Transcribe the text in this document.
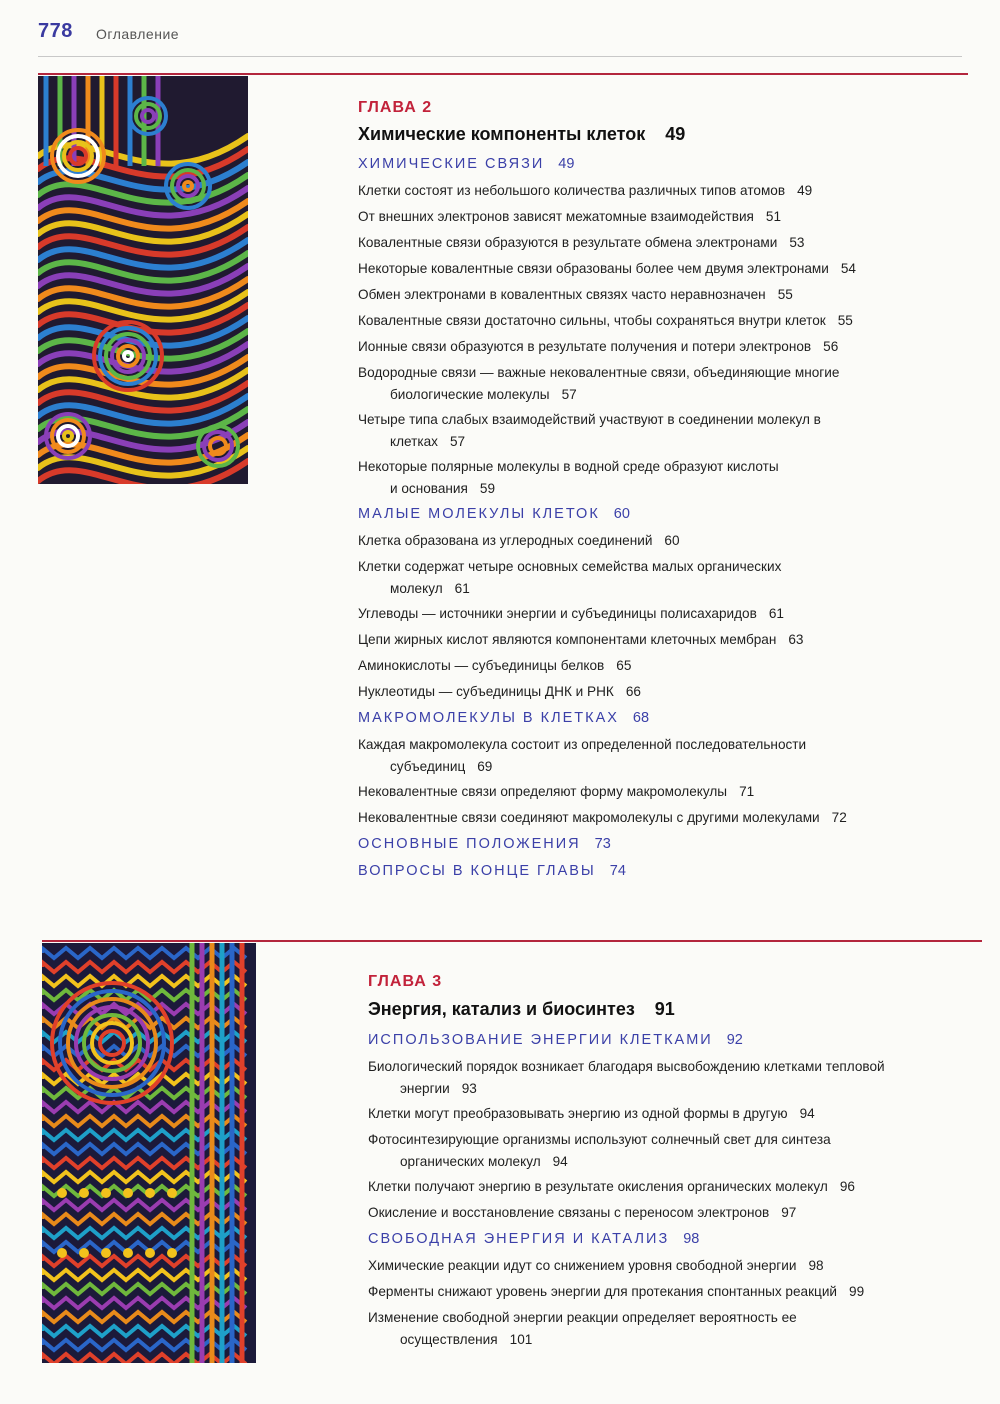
778 Оглавление
ГЛАВА 2
Химические компоненты клеток 49
ХИМИЧЕСКИЕ СВЯЗИ 49
Клетки состоят из небольшого количества различных типов атомов 49
От внешних электронов зависят межатомные взаимодействия 51
Ковалентные связи образуются в результате обмена электронами 53
Некоторые ковалентные связи образованы более чем двумя электронами 54
Обмен электронами в ковалентных связях часто неравнозначен 55
Ковалентные связи достаточно сильны, чтобы сохраняться внутри клеток 55
Ионные связи образуются в результате получения и потери электронов 56
Водородные связи — важные нековалентные связи, объединяющие многие
биологические молекулы 57
Четыре типа слабых взаимодействий участвуют в соединении молекул в
клетках 57
Некоторые полярные молекулы в водной среде образуют кислоты
и основания 59
МАЛЫЕ МОЛЕКУЛЫ КЛЕТОК 60
Клетка образована из углеродных соединений 60
Клетки содержат четыре основных семейства малых органических
молекул 61
Углеводы — источники энергии и субъединицы полисахаридов 61
Цепи жирных кислот являются компонентами клеточных мембран 63
Аминокислоты — субъединицы белков 65
Нуклеотиды — субъединицы ДНК и РНК 66
МАКРОМОЛЕКУЛЫ В КЛЕТКАХ 68
Каждая макромолекула состоит из определенной последовательности
субъединиц 69
Нековалентные связи определяют форму макромолекулы 71
Нековалентные связи соединяют макромолекулы с другими молекулами 72
ОСНОВНЫЕ ПОЛОЖЕНИЯ 73
ВОПРОСЫ В КОНЦЕ ГЛАВЫ 74
ГЛАВА 3
Энергия, катализ и биосинтез 91
ИСПОЛЬЗОВАНИЕ ЭНЕРГИИ КЛЕТКАМИ 92
Биологический порядок возникает благодаря высвобождению клетками тепловой
энергии 93
Клетки могут преобразовывать энергию из одной формы в другую 94
Фотосинтезирующие организмы используют солнечный свет для синтеза
органических молекул 94
Клетки получают энергию в результате окисления органических молекул 96
Окисление и восстановление связаны с переносом электронов 97
СВОБОДНАЯ ЭНЕРГИЯ И КАТАЛИЗ 98
Химические реакции идут со снижением уровня свободной энергии 98
Ферменты снижают уровень энергии для протекания спонтанных реакций 99
Изменение свободной энергии реакции определяет вероятность ее
осуществления 101
